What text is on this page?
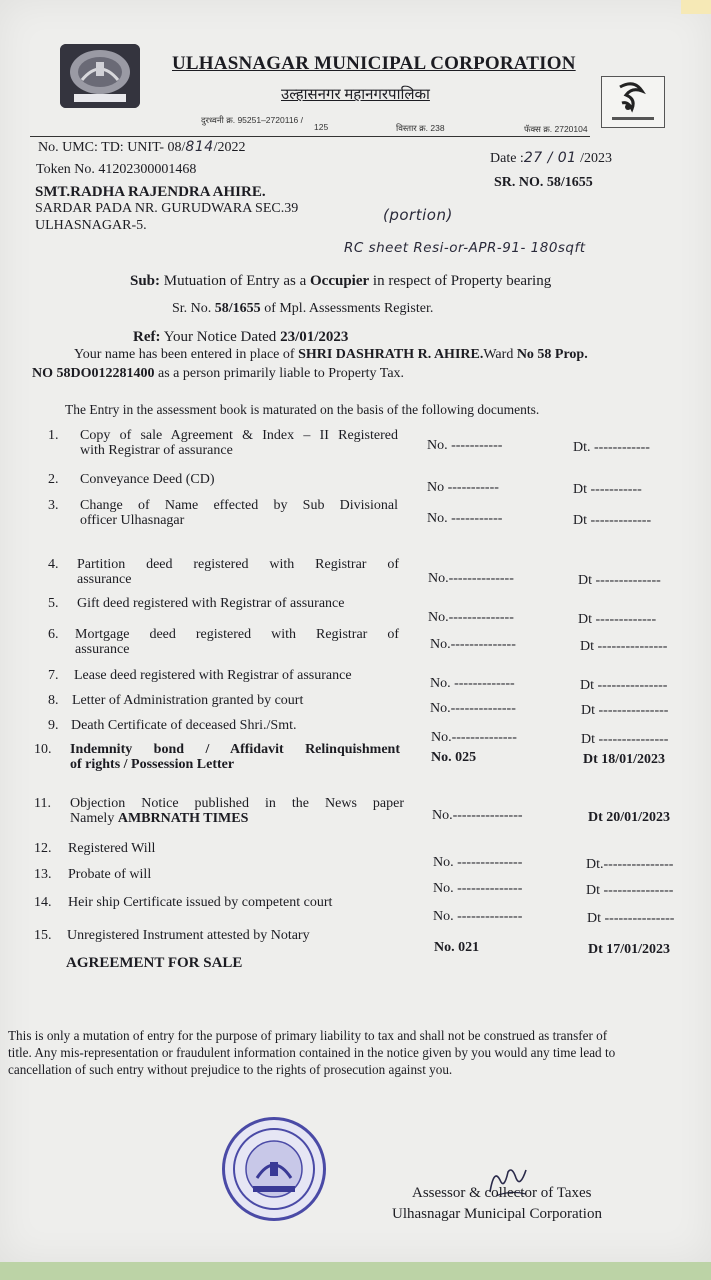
ULHASNAGAR MUNICIPAL CORPORATION
उल्हासनगर महानगरपालिका
दुरध्वनी क्र. 95251–2720116 /
125	विस्तार क्र. 238	फॅक्स क्र. 2720104
No. UMC: TD: UNIT- 08/814/2022
Date :27 / 01 /2023
Token No. 41202300001468
SR. NO. 58/1655
SMT.RADHA RAJENDRA AHIRE.
SARDAR PADA NR. GURUDWARA SEC.39
ULHASNAGAR-5.
(portion)
RC sheet Resi-or-APR-91- 180sqft
Sub: Mutuation of Entry as a Occupier in respect of Property bearing
Sr. No. 58/1655 of Mpl. Assessments Register.
Ref: Your Notice Dated 23/01/2023
Your name has been entered in place of SHRI DASHRATH R. AHIRE.Ward No 58 Prop.
NO 58DO012281400 as a person primarily liable to Property Tax.
The Entry in the assessment book is maturated on the basis of the following documents.
1. Copy of sale Agreement & Index – II Registered
with Registrar of assurance	No. -----------	Dt. ------------
2. Conveyance Deed (CD)
No -----------	Dt -----------
3. Change of Name effected by Sub Divisional
officer Ulhasnagar	No. -----------	Dt -------------
4. Partition deed registered with Registrar of
assurance	No.--------------	Dt --------------
5. Gift deed registered with Registrar of assurance
No.--------------	Dt -------------
6. Mortgage deed registered with Registrar of
assurance	No.--------------	Dt ---------------
7. Lease deed registered with Registrar of assurance
No. -------------	Dt ---------------
8. Letter of Administration granted by court
No.--------------	Dt ---------------
9. Death Certificate of deceased Shri./Smt.
No.--------------	Dt ---------------
10. Indemnity bond / Affidavit Relinquishment
of rights / Possession Letter	No. 025	Dt 18/01/2023
11. Objection Notice published in the News paper
Namely AMBRNATH TIMES	No.---------------	Dt 20/01/2023
12. Registered Will
No. --------------	Dt.---------------
13. Probate of will
No. --------------	Dt ---------------
14. Heir ship Certificate issued by competent court
No. --------------	Dt ---------------
15. Unregistered Instrument attested by Notary
No. 021	Dt 17/01/2023
AGREEMENT FOR SALE
This is only a mutation of entry for the purpose of primary liability to tax and shall not be construed as transfer of
title. Any mis-representation or fraudulent information contained in the notice given by you would any time lead to
cancellation of such entry without prejudice to the rights of prosecution against you.
Assessor & collector of Taxes
Ulhasnagar Municipal Corporation
